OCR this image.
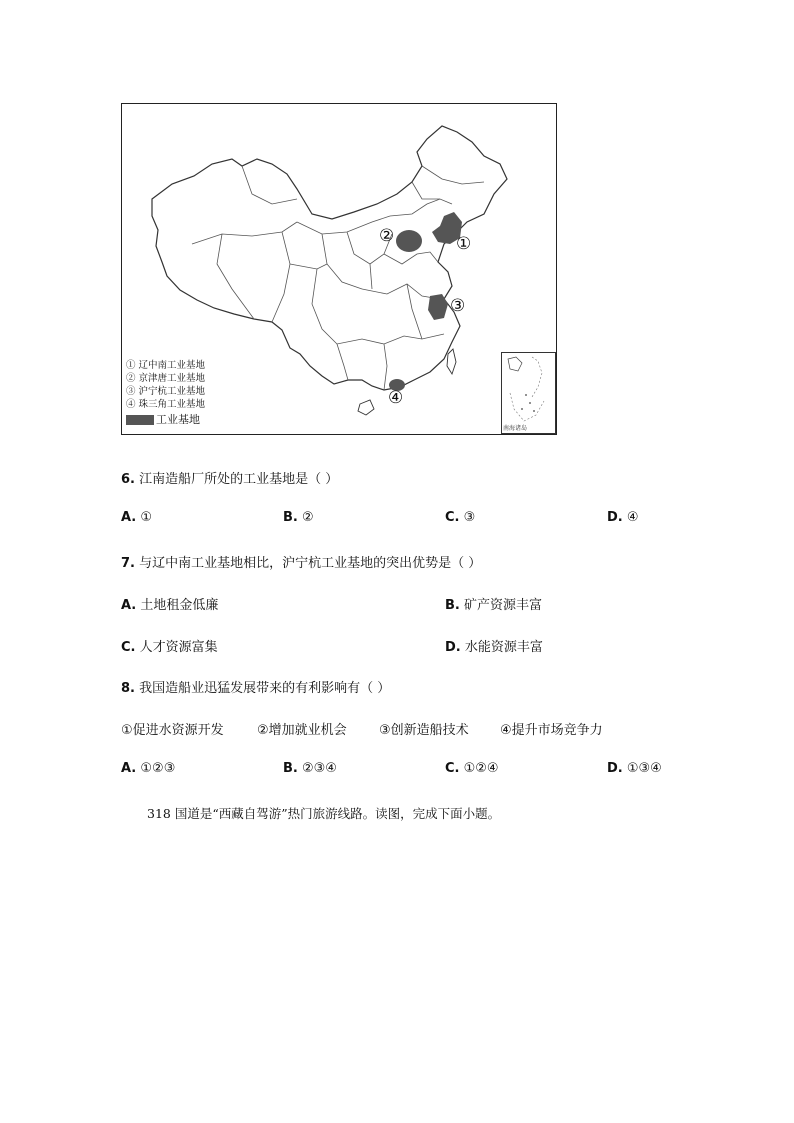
南海诸岛
①
②
③
④
① 辽中南工业基地
② 京津唐工业基地
③ 沪宁杭工业基地
④ 珠三角工业基地
工业基地
6. 江南造船厂所处的工业基地是（ ）
A. ①	B. ②	C. ③	D. ④
7. 与辽中南工业基地相比，沪宁杭工业基地的突出优势是（ ）
A. 土地租金低廉	B. 矿产资源丰富
C. 人才资源富集	D. 水能资源丰富
8. 我国造船业迅猛发展带来的有利影响有（ ）
①促进水资源开发	②增加就业机会 ③创新造船技术 ④提升市场竞争力
A. ①②③	B. ②③④	C. ①②④	D. ①③④
318 国道是“西藏自驾游”热门旅游线路。读图，完成下面小题。
